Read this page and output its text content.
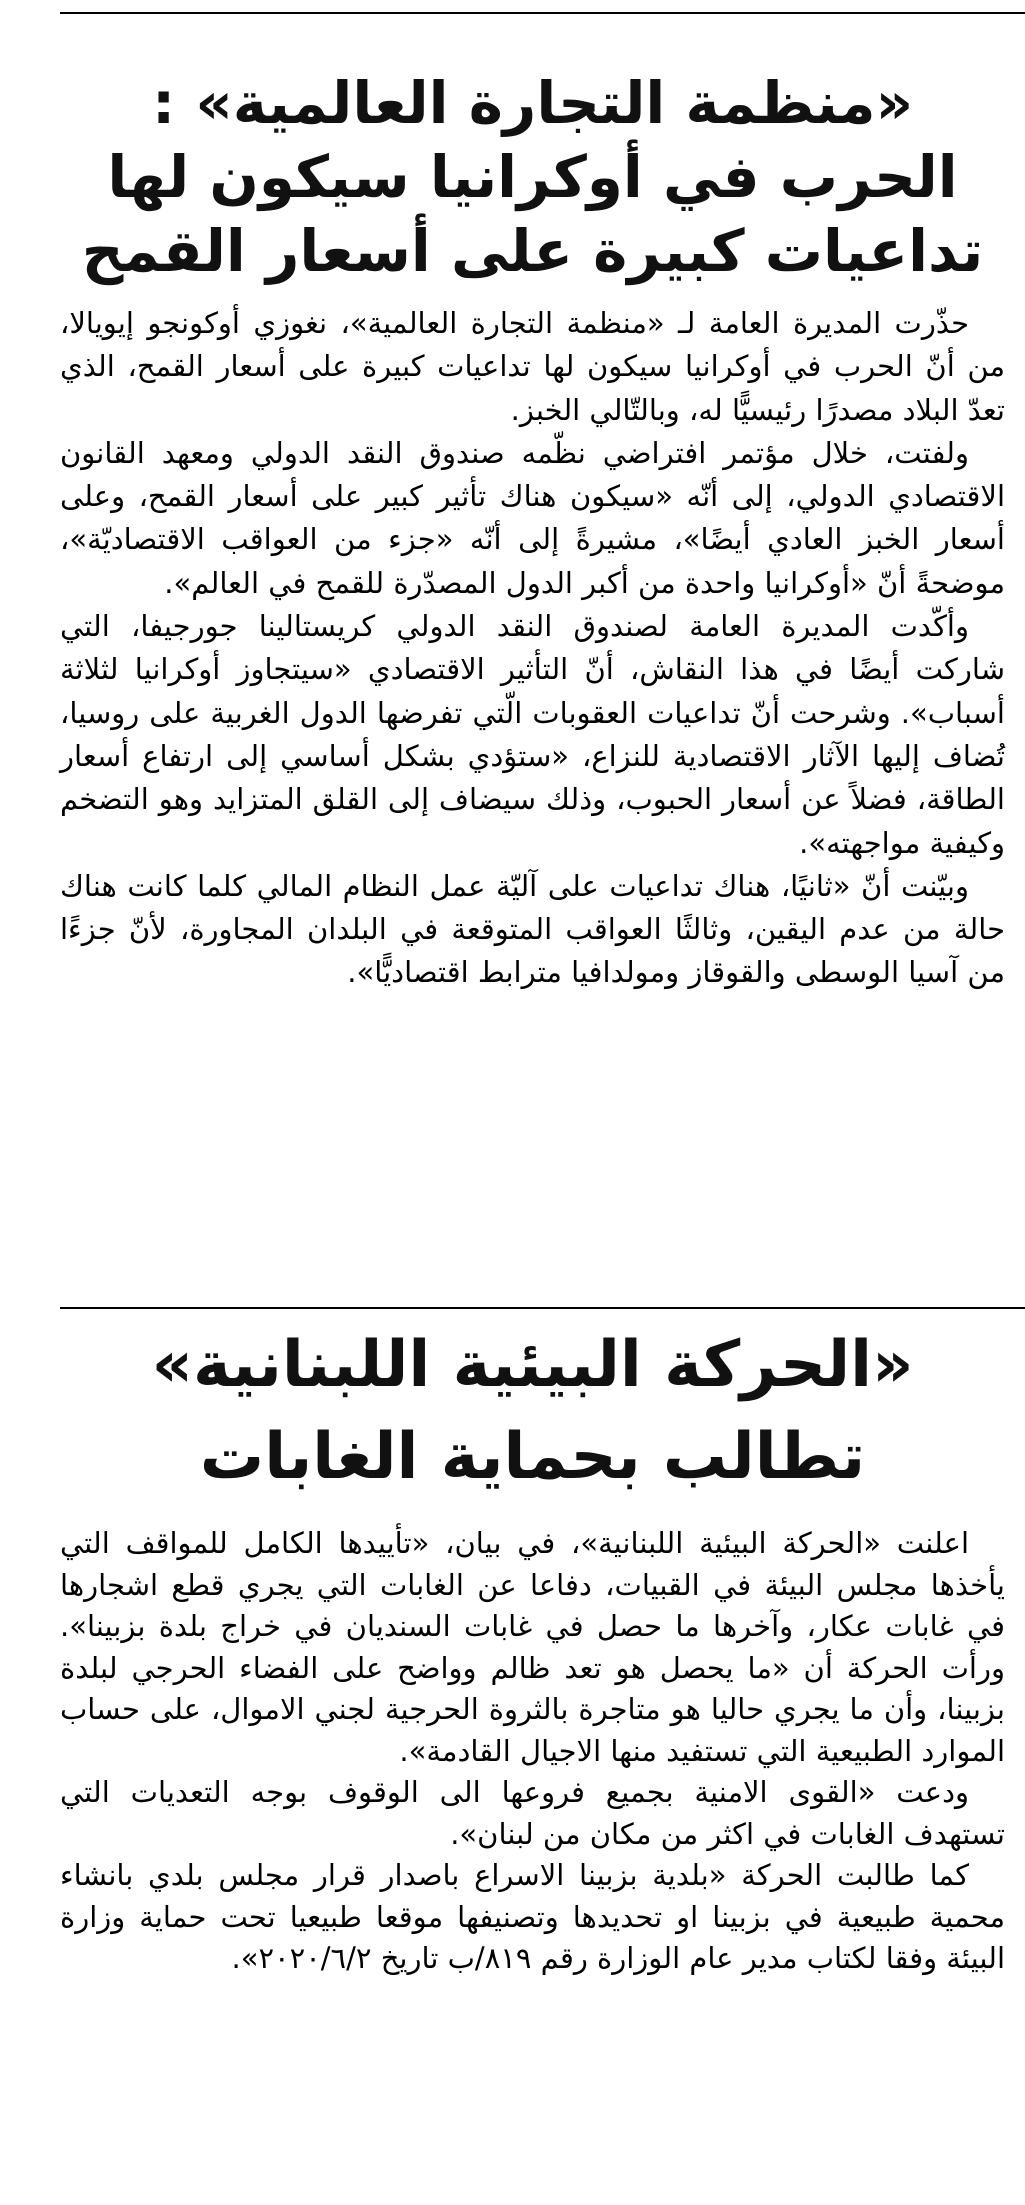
«منظمة التجارة العالمية» : الحرب في أوكرانيا سيكون لها تداعيات كبيرة على أسعار القمح

حذّرت المديرة العامة لـ «منظمة التجارة العالمية»، نغوزي أوكونجو إيويالا، من أنّ الحرب في أوكرانيا سيكون لها تداعيات كبيرة على أسعار القمح، الذي تعدّ البلاد مصدرًا رئيسيًّا له، وبالتّالي الخبز.

ولفتت، خلال مؤتمر افتراضي نظّمه صندوق النقد الدولي ومعهد القانون الاقتصادي الدولي، إلى أنّه «سيكون هناك تأثير كبير على أسعار القمح، وعلى أسعار الخبز العادي أيضًا»، مشيرةً إلى أنّه «جزء من العواقب الاقتصاديّة»، موضحةً أنّ «أوكرانيا واحدة من أكبر الدول المصدّرة للقمح في العالم».

وأكّدت المديرة العامة لصندوق النقد الدولي كريستالينا جورجيفا، التي شاركت أيضًا في هذا النقاش، أنّ التأثير الاقتصادي «سيتجاوز أوكرانيا لثلاثة أسباب». وشرحت أنّ تداعيات العقوبات الّتي تفرضها الدول الغربية على روسيا، تُضاف إليها الآثار الاقتصادية للنزاع، «ستؤدي بشكل أساسي إلى ارتفاع أسعار الطاقة، فضلاً عن أسعار الحبوب، وذلك سيضاف إلى القلق المتزايد وهو التضخم وكيفية مواجهته».

وبيّنت أنّ «ثانيًا، هناك تداعيات على آليّة عمل النظام المالي كلما كانت هناك حالة من عدم اليقين، وثالثًا العواقب المتوقعة في البلدان المجاورة، لأنّ جزءًا من آسيا الوسطى والقوقاز ومولدافيا مترابط اقتصاديًّا».

«الحركة البيئية اللبنانية» تطالب بحماية الغابات

اعلنت «الحركة البيئية اللبنانية»، في بيان، «تأييدها الكامل للمواقف التي يأخذها مجلس البيئة في القبيات، دفاعا عن الغابات التي يجري قطع اشجارها في غابات عكار، وآخرها ما حصل في غابات السنديان في خراج بلدة بزبينا». ورأت الحركة أن «ما يحصل هو تعد ظالم وواضح على الفضاء الحرجي لبلدة بزبينا، وأن ما يجري حاليا هو متاجرة بالثروة الحرجية لجني الاموال، على حساب الموارد الطبيعية التي تستفيد منها الاجيال القادمة».

ودعت «القوى الامنية بجميع فروعها الى الوقوف بوجه التعديات التي تستهدف الغابات في اكثر من مكان من لبنان».

كما طالبت الحركة «بلدية بزبينا الاسراع باصدار قرار مجلس بلدي بانشاء محمية طبيعية في بزبينا او تحديدها وتصنيفها موقعا طبيعيا تحت حماية وزارة البيئة وفقا لكتاب مدير عام الوزارة رقم ٨١٩/ب تاريخ ٢٠٢٠/٦/٢».
